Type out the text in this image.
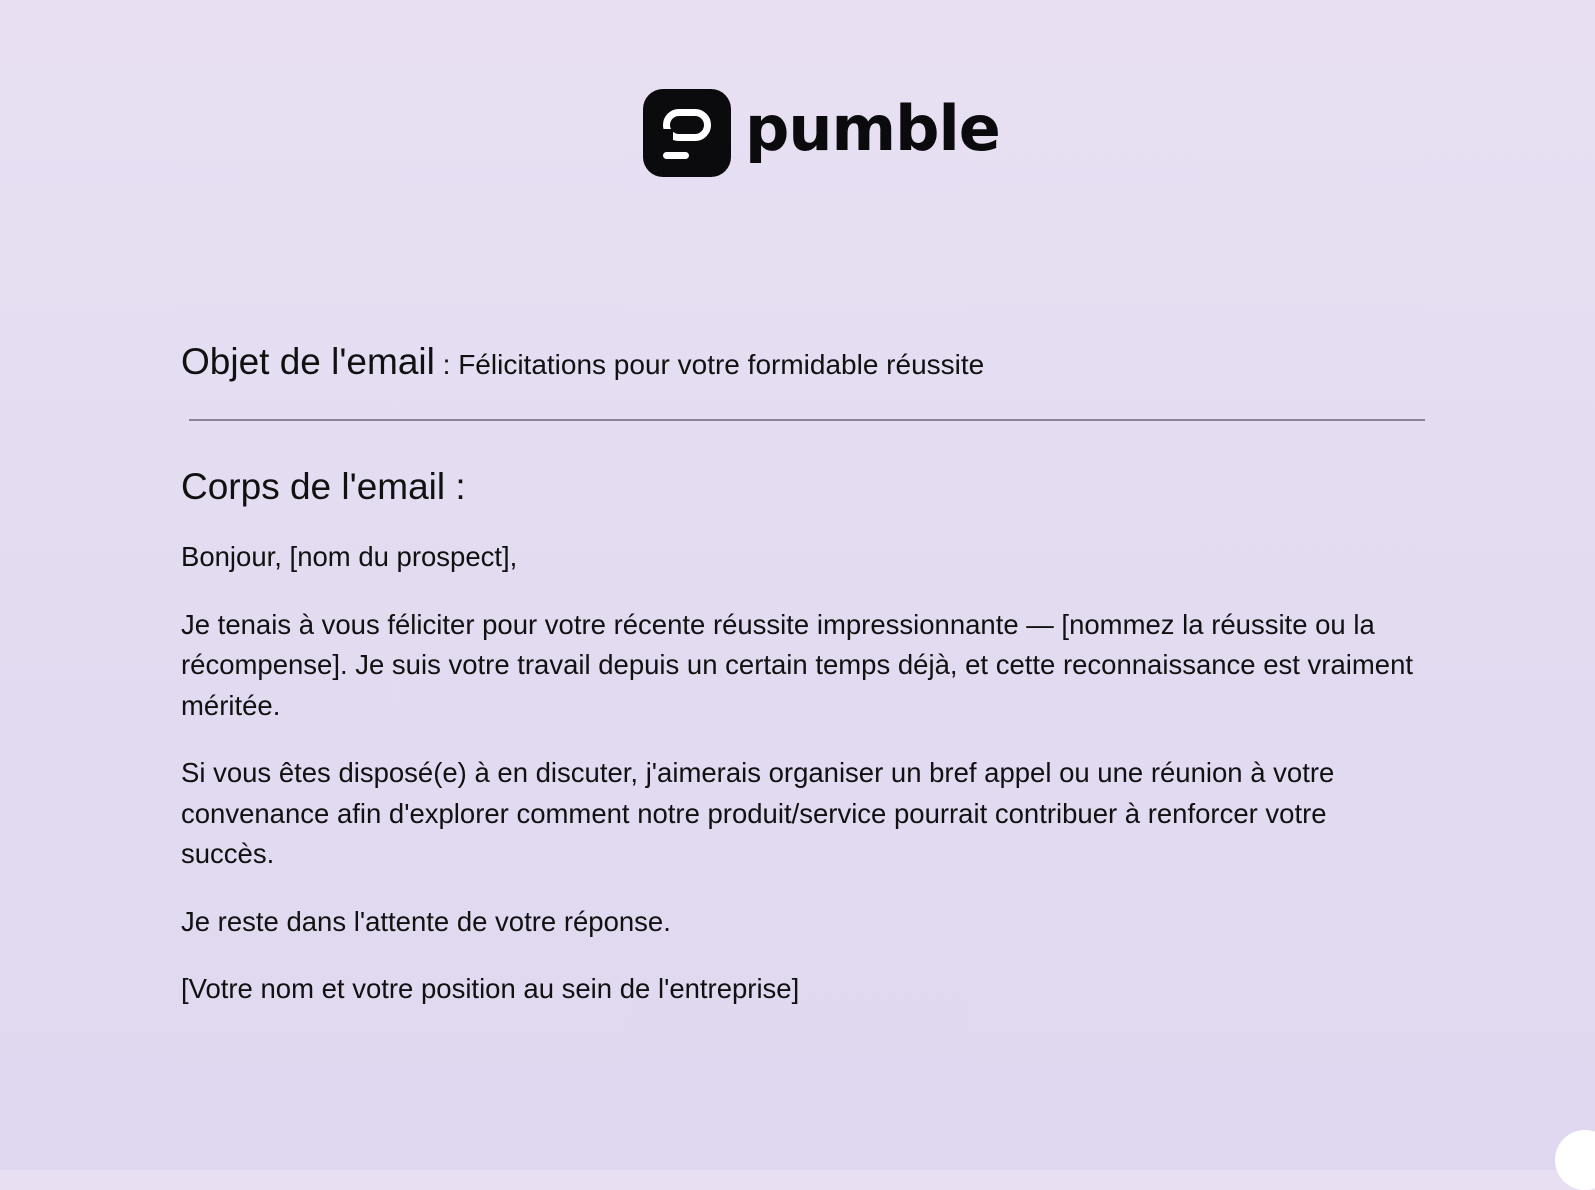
pumble

Objet de l'email : Félicitations pour votre formidable réussite

Corps de l'email :

Bonjour, [nom du prospect],

Je tenais à vous féliciter pour votre récente réussite impressionnante — [nommez la réussite ou la récompense]. Je suis votre travail depuis un certain temps déjà, et cette reconnaissance est vraiment méritée.

Si vous êtes disposé(e) à en discuter, j'aimerais organiser un bref appel ou une réunion à votre convenance afin d'explorer comment notre produit/service pourrait contribuer à renforcer votre succès.

Je reste dans l'attente de votre réponse.

[Votre nom et votre position au sein de l'entreprise]
